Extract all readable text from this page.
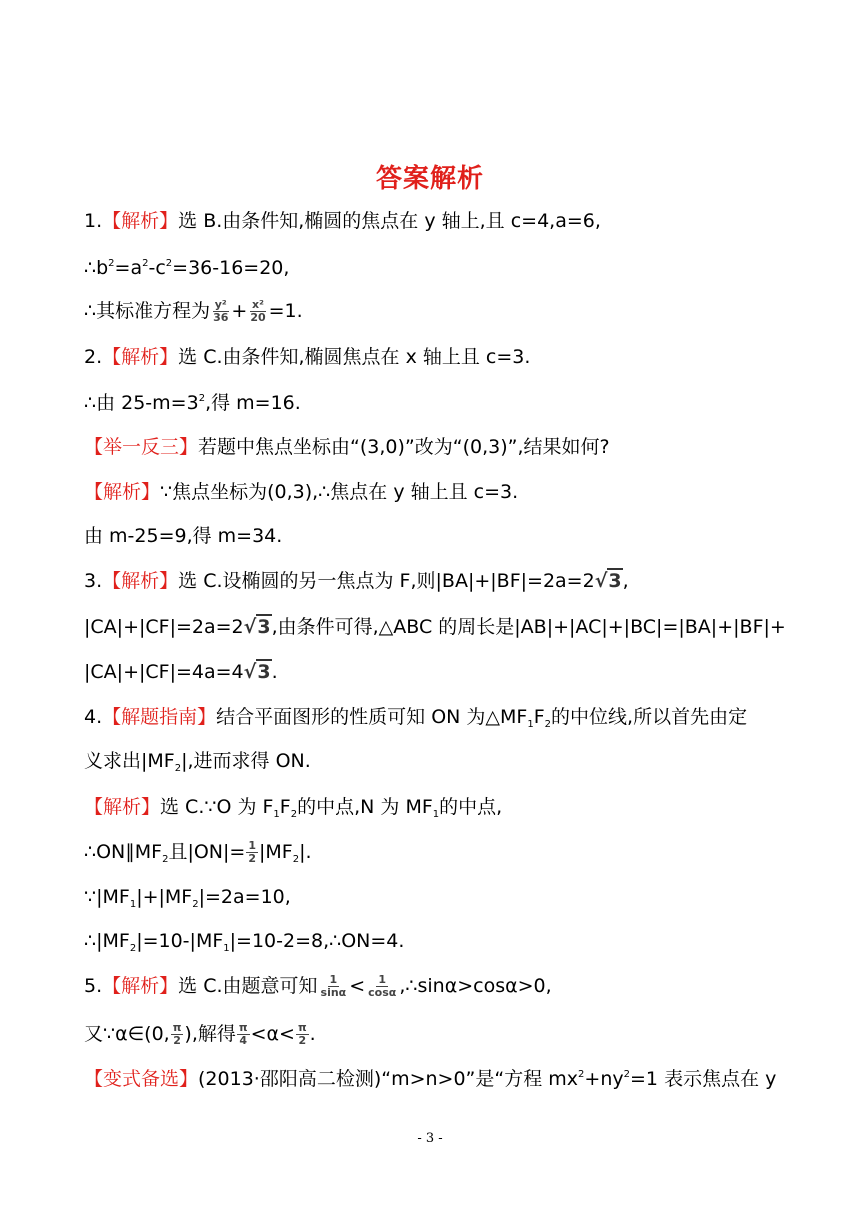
答案解析
1.【解析】选 B.由条件知,椭圆的焦点在 y 轴上,且 c=4,a=6,
$\therefore b^2=a^2-c^2=36-16=20$,
∴其标准方程为 $\frac{\text{y²}}{36} + \frac{\text{x²}}{20} =1$.
2.【解析】选 C.由条件知,椭圆焦点在 x 轴上且 c=3.
∴由 $25-m=3^2$,得 m=16.
【举一反三】若题中焦点坐标由“(3,0)”改为“(0,3)”,结果如何?
【解析】∵焦点坐标为(0,3),∴焦点在 y 轴上且 c=3.
由 m-25=9,得 m=34.
3.【解析】选 C.设椭圆的另一焦点为 F,则|BA|+|BF|=2a=2√3,
|CA|+|CF|=2a=2√3,由条件可得,△ABC 的周长是|AB|+|AC|+|BC|=|BA|+|BF|+
|CA|+|CF|=4a=4√3.
4.【解题指南】结合平面图形的性质可知 ON 为$\triangle MF_1F_2$的中位线,所以首先由定
义求出$|MF_2|$,进而求得 ON.
【解析】选 C.∵O 为 $F_1F_2$的中点,N 为 $MF_1$的中点,
$\therefore ON\parallel MF_2$且$|ON|= \frac{1}{2} |MF_2|$.
$\because|MF_1|+|MF_2|=2a=10$,
$\therefore|MF_2|=10-|MF_1|=10-2=8,\therefore ON=4$.
5.【解析】选 C.由题意可知 $\frac{1}{\sin\alpha} < \frac{1}{\cos\alpha}$ ,∴sinα>cosα>0,
又∵α∈(0, $\frac{\pi}{2}$ ),解得 $\frac{\pi}{4} <\alpha< \frac{\pi}{2}$ .
【变式备选】(2013·邵阳高二检测)“m>n>0”是“方程 $mx^2+ny^2=1$ 表示焦点在 y
- 3 -
